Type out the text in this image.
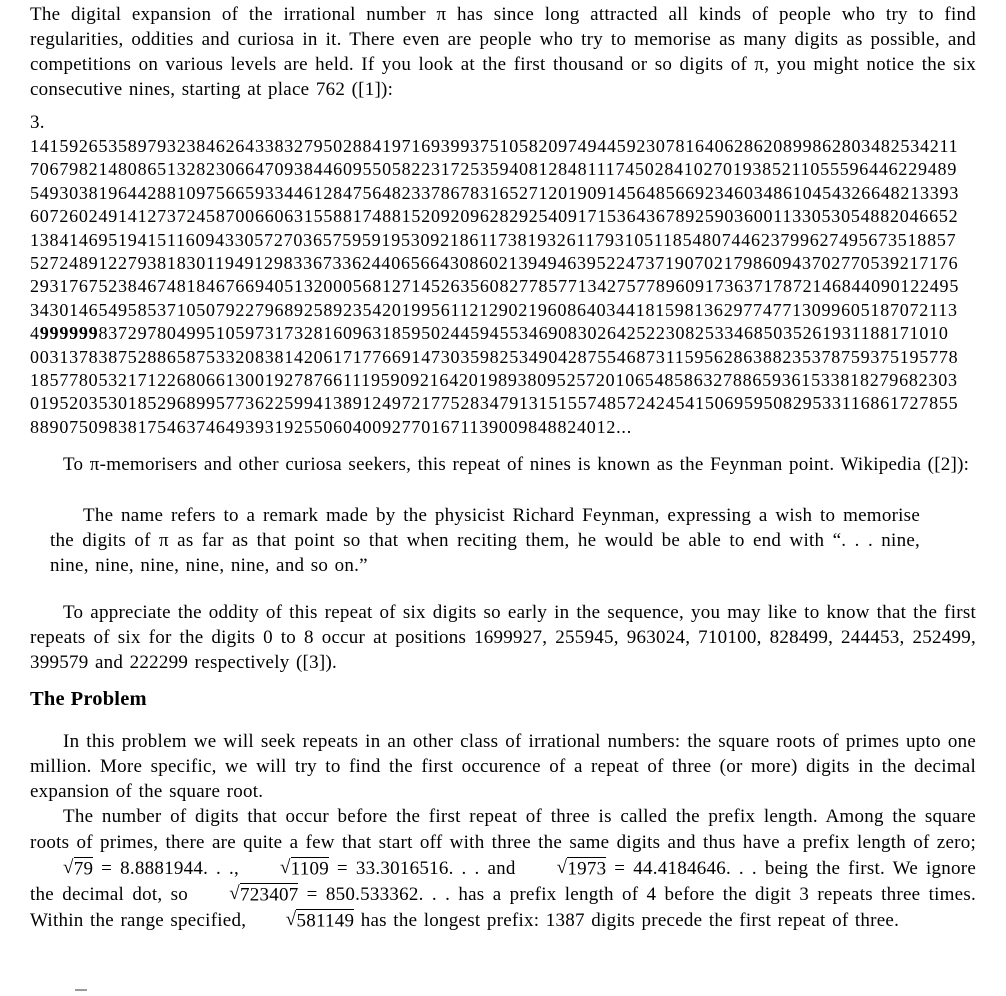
The digital expansion of the irrational number π has since long attracted all kinds of people who try to find regularities, oddities and curiosa in it. There even are people who try to memorise as many digits as possible, and competitions on various levels are held. If you look at the first thousand or so digits of π, you might notice the six consecutive nines, starting at place 762 ([1]):

3.
14159265358979323846264338327950288419716939937510582097494459230781640628620899862803482534211
70679821480865132823066470938446095505822317253594081284811174502841027019385211055596446229489
54930381964428810975665933446128475648233786783165271201909145648566923460348610454326648213393
60726024914127372458700660631558817488152092096282925409171536436789259036001133053054882046652
13841469519415116094330572703657595919530921861173819326117931051185480744623799627495673518857
52724891227938183011949129833673362440656643086021394946395224737190702179860943702770539217176
29317675238467481846766940513200056812714526356082778577134275778960917363717872146844090122495
34301465495853710507922796892589235420199561121290219608640344181598136297747713099605187072113
4999999837297804995105973173281609631859502445945534690830264252230825334685035261931188171010
00313783875288658753320838142061717766914730359825349042875546873115956286388235378759375195778
18577805321712268066130019278766111959092164201989380952572010654858632788659361533818279682303
01952035301852968995773622599413891249721775283479131515574857242454150695950829533116861727855
889075098381754637464939319255060400927701671139009848824012...

To π-memorisers and other curiosa seekers, this repeat of nines is known as the Feynman point. Wikipedia ([2]):

The name refers to a remark made by the physicist Richard Feynman, expressing a wish to memorise the digits of π as far as that point so that when reciting them, he would be able to end with “. . . nine, nine, nine, nine, nine, nine, and so on.”

To appreciate the oddity of this repeat of six digits so early in the sequence, you may like to know that the first repeats of six for the digits 0 to 8 occur at positions 1699927, 255945, 963024, 710100, 828499, 244453, 252499, 399579 and 222299 respectively ([3]).

The Problem

In this problem we will seek repeats in an other class of irrational numbers: the square roots of primes upto one million. More specific, we will try to find the first occurence of a repeat of three (or more) digits in the decimal expansion of the square root.

The number of digits that occur before the first repeat of three is called the prefix length. Among the square roots of primes, there are quite a few that start off with three the same digits and thus have a prefix length of zero; √79 = 8.8881944. . ., √1109 = 33.3016516. . . and √1973 = 44.4184646. . . being the first. We ignore the decimal dot, so √723407 = 850.533362. . . has a prefix length of 4 before the digit 3 repeats three times. Within the range specified, √581149 has the longest prefix: 1387 digits precede the first repeat of three.
